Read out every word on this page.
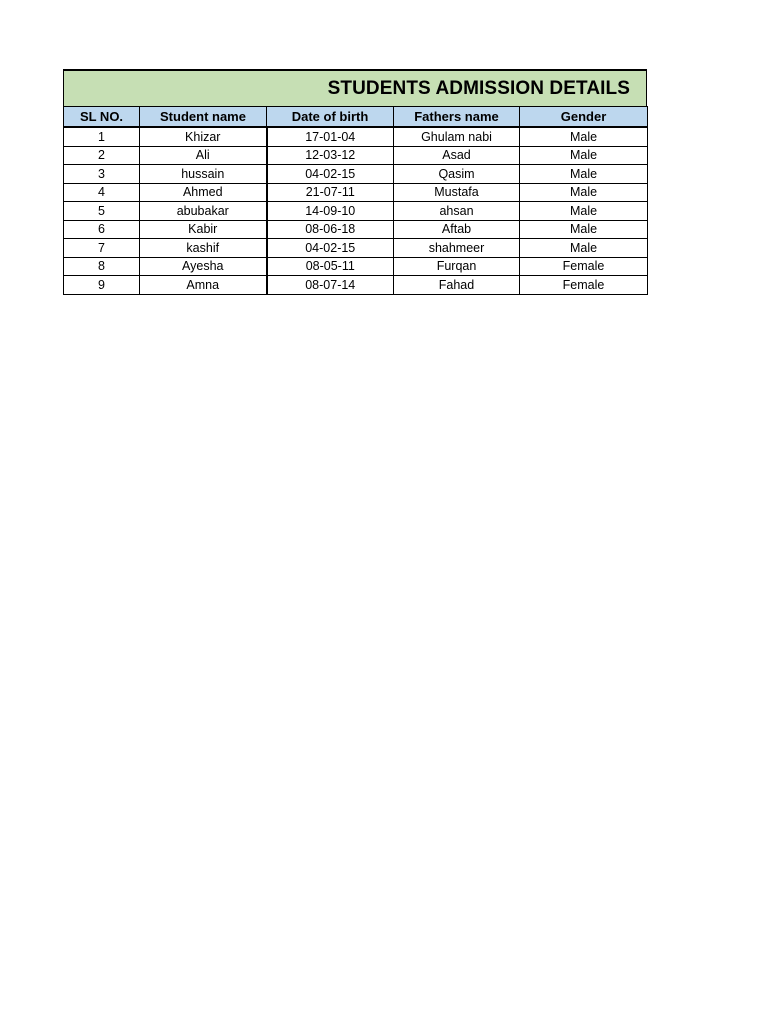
STUDENTS ADMISSION DETAILS
SL NO.	Student name	Date of birth	Fathers name	Gender
1	Khizar	17-01-04	Ghulam nabi	Male
2	Ali	12-03-12	Asad	Male
3	hussain	04-02-15	Qasim	Male
4	Ahmed	21-07-11	Mustafa	Male
5	abubakar	14-09-10	ahsan	Male
6	Kabir	08-06-18	Aftab	Male
7	kashif	04-02-15	shahmeer	Male
8	Ayesha	08-05-11	Furqan	Female
9	Amna	08-07-14	Fahad	Female
